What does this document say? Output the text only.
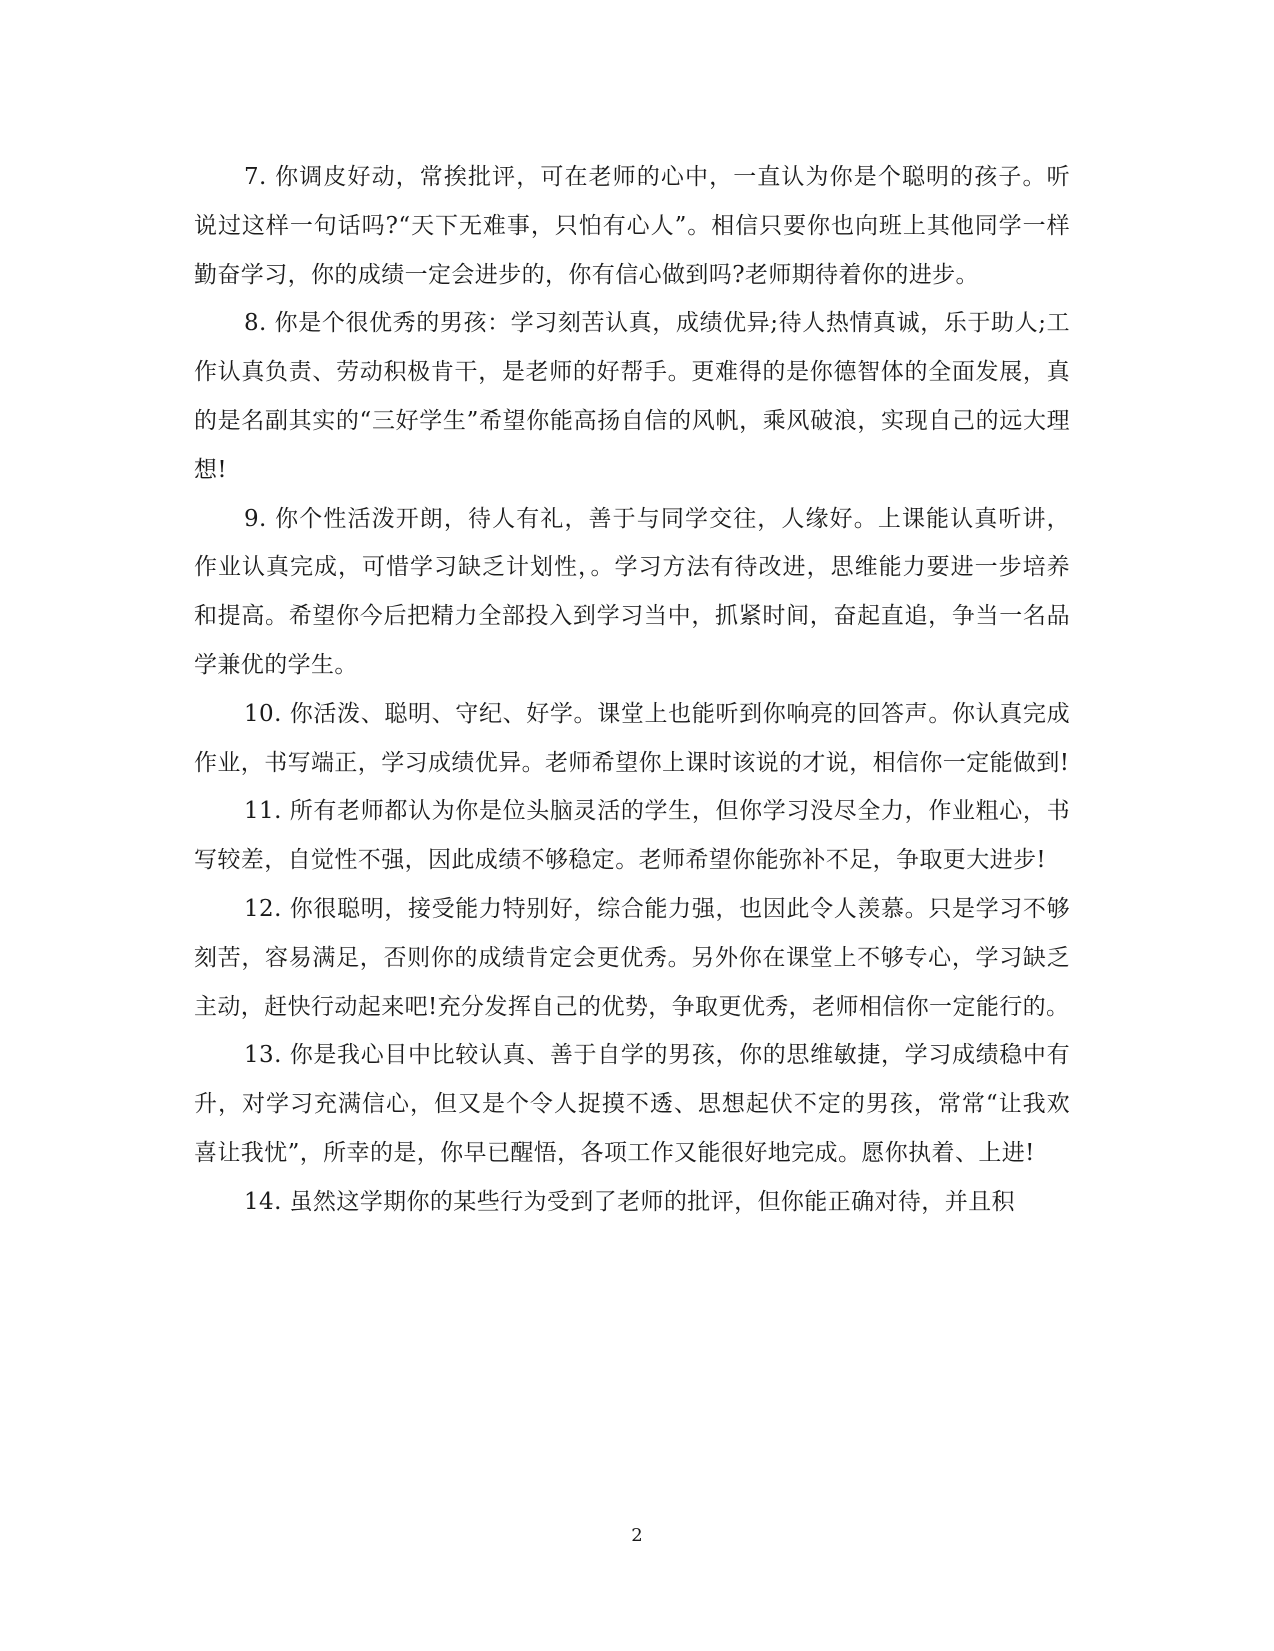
7. 你调皮好动，常挨批评，可在老师的心中，一直认为你是个聪明的孩子。听说过这样一句话吗?“天下无难事，只怕有心人”。相信只要你也向班上其他同学一样勤奋学习，你的成绩一定会进步的，你有信心做到吗?老师期待着你的进步。

8. 你是个很优秀的男孩：学习刻苦认真，成绩优异;待人热情真诚，乐于助人;工作认真负责、劳动积极肯干，是老师的好帮手。更难得的是你德智体的全面发展，真的是名副其实的“三好学生”希望你能高扬自信的风帆，乘风破浪，实现自己的远大理想!

9. 你个性活泼开朗，待人有礼，善于与同学交往，人缘好。上课能认真听讲，作业认真完成，可惜学习缺乏计划性，。学习方法有待改进，思维能力要进一步培养和提高。希望你今后把精力全部投入到学习当中，抓紧时间，奋起直追，争当一名品学兼优的学生。

10. 你活泼、聪明、守纪、好学。课堂上也能听到你响亮的回答声。你认真完成作业，书写端正，学习成绩优异。老师希望你上课时该说的才说，相信你一定能做到!

11. 所有老师都认为你是位头脑灵活的学生，但你学习没尽全力，作业粗心，书写较差，自觉性不强，因此成绩不够稳定。老师希望你能弥补不足，争取更大进步!

12. 你很聪明，接受能力特别好，综合能力强，也因此令人羡慕。只是学习不够刻苦，容易满足，否则你的成绩肯定会更优秀。另外你在课堂上不够专心，学习缺乏主动，赶快行动起来吧!充分发挥自己的优势，争取更优秀，老师相信你一定能行的。

13. 你是我心目中比较认真、善于自学的男孩，你的思维敏捷，学习成绩稳中有升，对学习充满信心，但又是个令人捉摸不透、思想起伏不定的男孩，常常“让我欢喜让我忧”，所幸的是，你早已醒悟，各项工作又能很好地完成。愿你执着、上进!

14. 虽然这学期你的某些行为受到了老师的批评，但你能正确对待，并且积

2
